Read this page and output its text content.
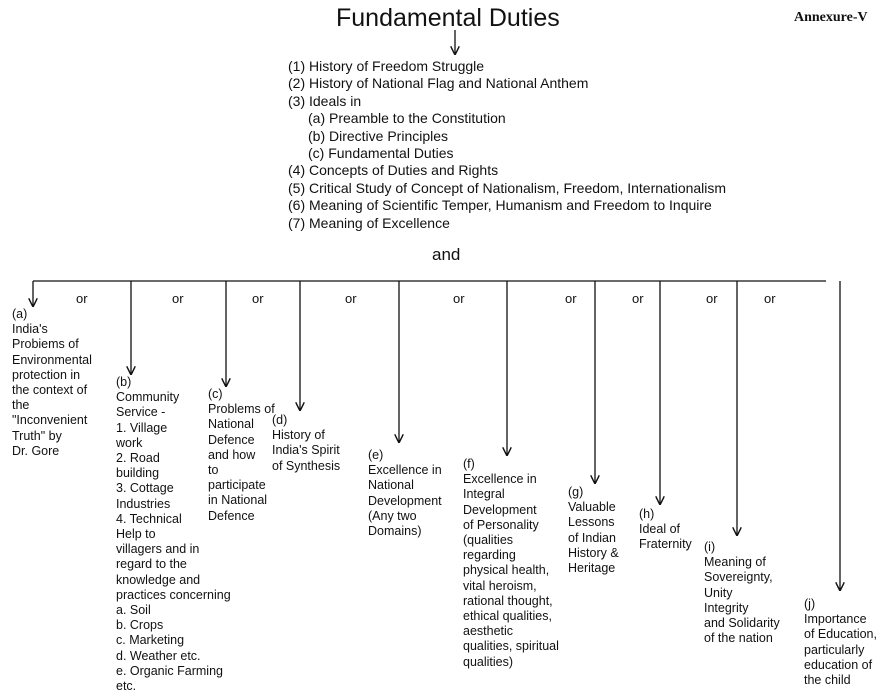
Fundamental Duties	Annexure-V
(1) History of Freedom Struggle
(2) History of National Flag and National Anthem
(3) Ideals in
(a) Preamble to the Constitution
(b) Directive Principles
(c) Fundamental Duties
(4) Concepts of Duties and Rights
(5) Critical Study of Concept of Nationalism, Freedom, Internationalism
(6) Meaning of Scientific Temper, Humanism and Freedom to Inquire
(7) Meaning of Excellence
and
or	or	or	or	or	or	or	or	or
(a)
India's
Probiems of
Environmental
protection in
the context of
the
"Inconvenient
Truth" by
Dr. Gore
(b)
Community
Service -
1. Village
work
2. Road
building
3. Cottage
Industries
4. Technical
Help to
villagers and in
regard to the
knowledge and
practices concerning
a. Soil
b. Crops
c. Marketing
d. Weather etc.
e. Organic Farming
etc.
(c)
Problems of
National
Defence
and how
to
participate
in National
Defence
(d)
History of
India's Spirit
of Synthesis
(e)
Excellence in
National
Development
(Any two
Domains)
(f)
Excellence in
Integral
Development
of Personality
(qualities
regarding
physical health,
vital heroism,
rational thought,
ethical qualities,
aesthetic
qualities, spiritual
qualities)
(g)
Valuable
Lessons
of Indian
History &
Heritage
(h)
Ideal of
Fraternity (i)
Meaning of
Sovereignty,
Unity
Integrity
and Solidarity
of the nation
(j)
Importance
of Education,
particularly
education of
the child
